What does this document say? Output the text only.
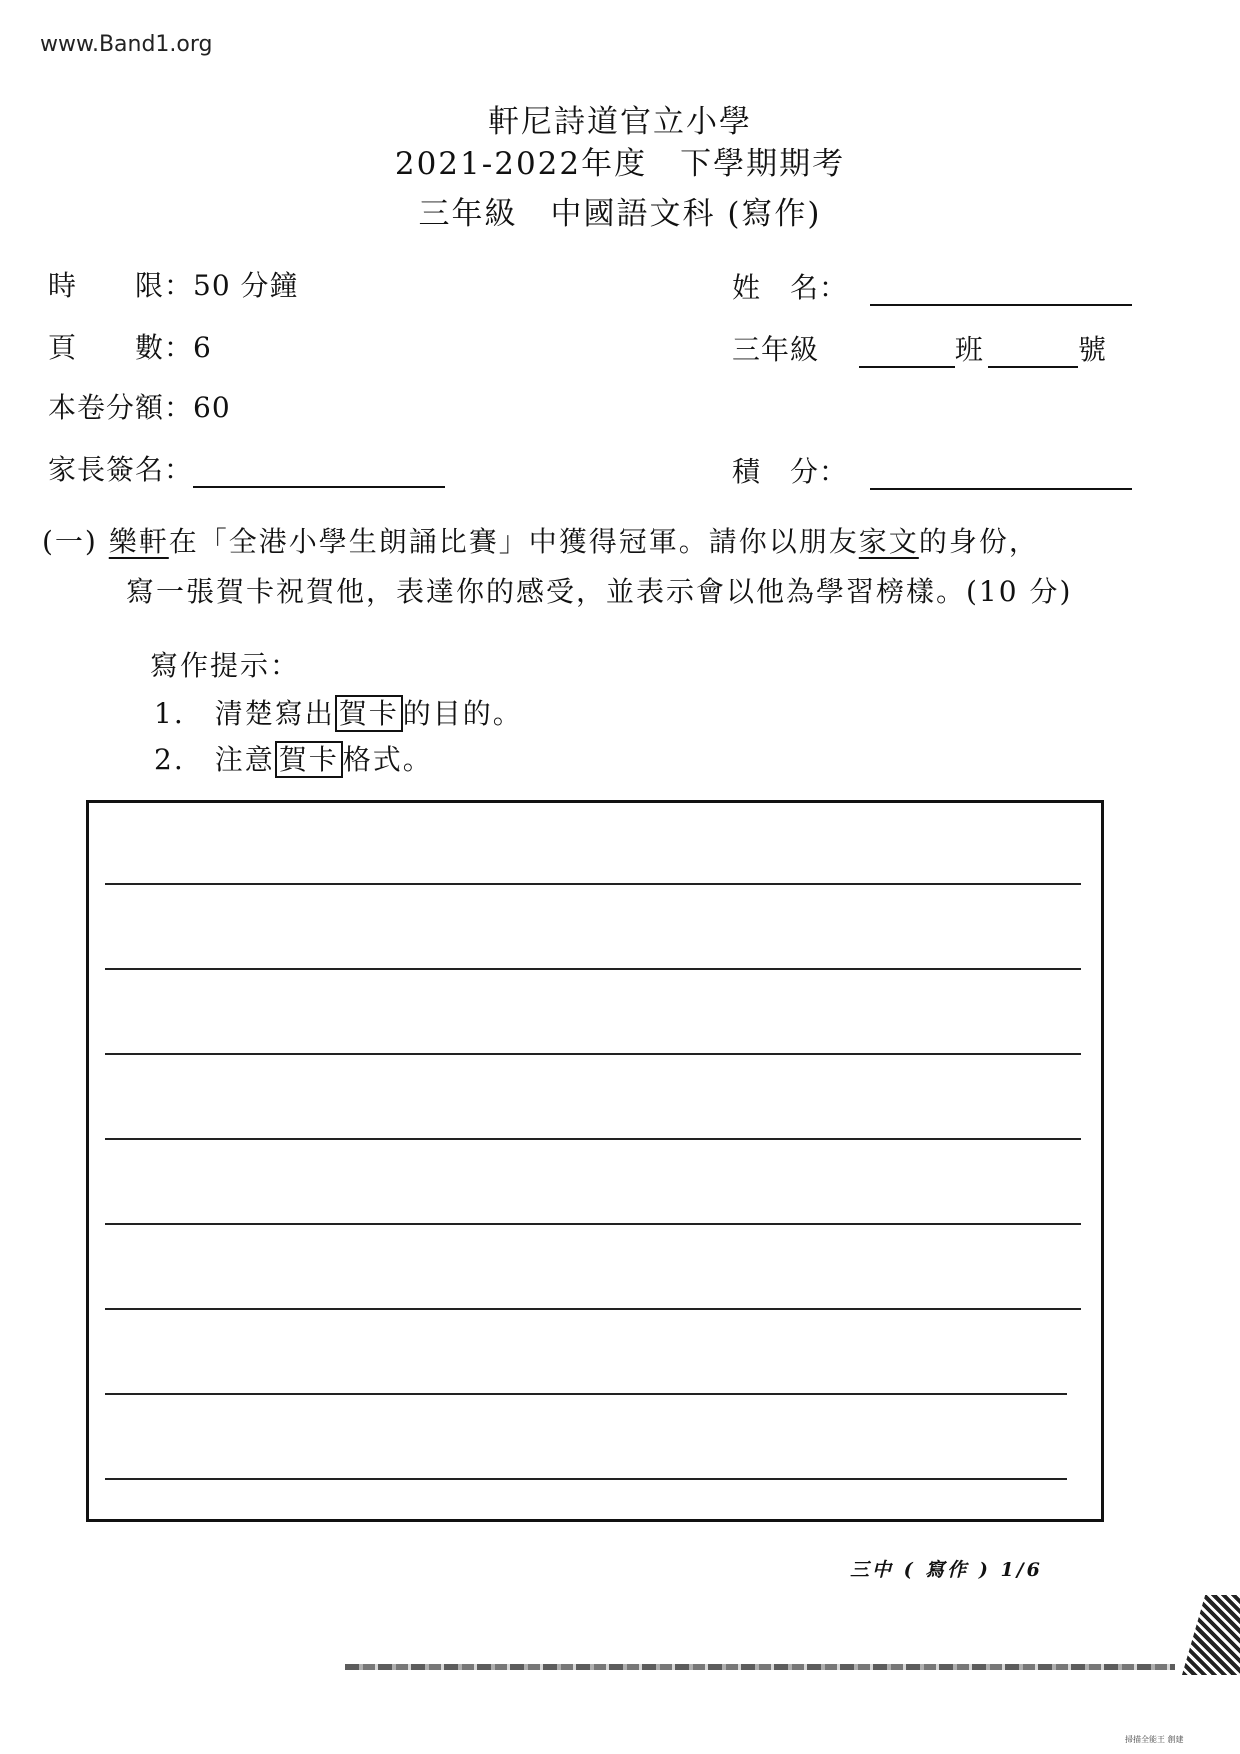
www.Band1.org
軒尼詩道官立小學
2021-2022年度　下學期期考
三年級　中國語文科 (寫作)
時　　限：50 分鐘
頁　　數：6
本卷分額：60
家長簽名：
姓　名：
三年級	班	號
積　分：
(一) 樂軒在「全港小學生朗誦比賽」中獲得冠軍。請你以朋友家文的身份，
寫一張賀卡祝賀他，表達你的感受，並表示會以他為學習榜樣。(10 分)
寫作提示：
1.　清楚寫出 賀卡 的目的。
2.　注意 賀卡 格式。
三中 ( 寫作 ) 1/6
掃描全能王 創建
